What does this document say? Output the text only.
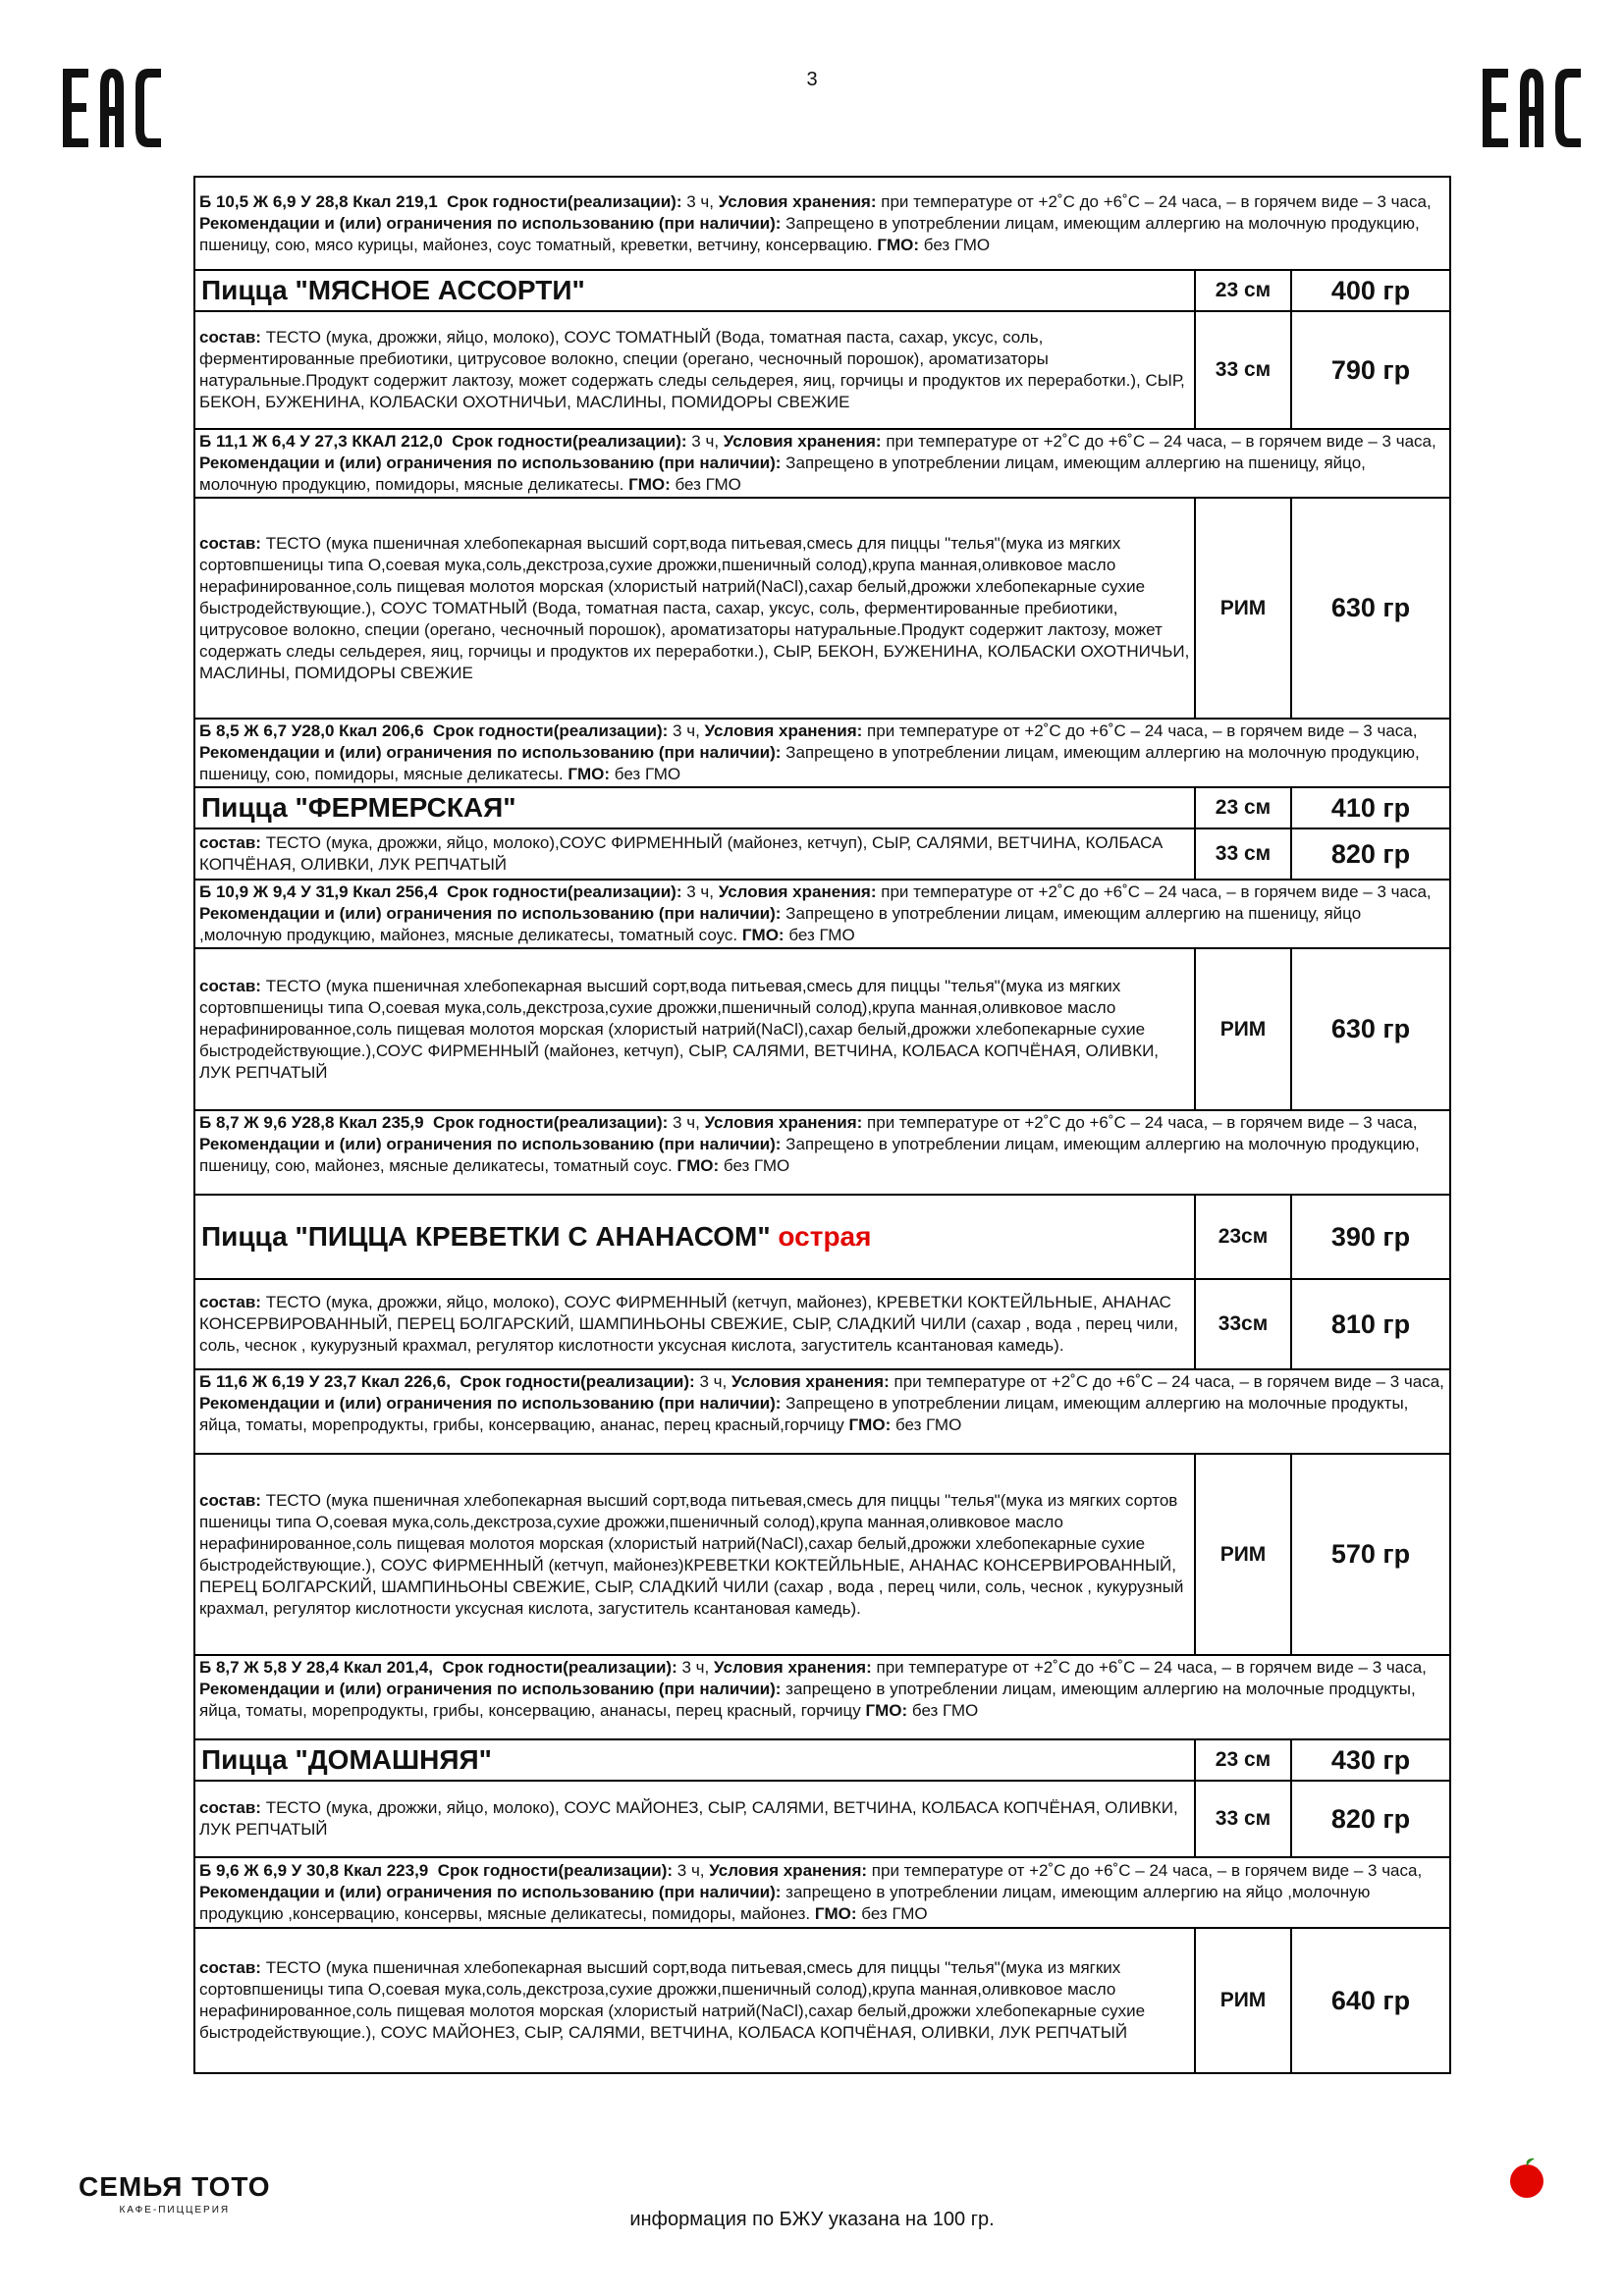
3
Б 10,5 Ж 6,9 У 28,8 Ккал 219,1 Срок годности(реализации): 3 ч, Условия хранения: при температуре от +2˚С до +6˚С – 24 часа, – в горячем виде – 3 часа, Рекомендации и (или) ограничения по использованию (при наличии): Запрещено в употреблении лицам, имеющим аллергию на молочную продукцию, пшеницу, сою, мясо курицы, майонез, соус томатный, креветки, ветчину, консервацию. ГМО: без ГМО		
Пицца "МЯСНОЕ АССОРТИ"	23 см	400 гр
состав: ТЕСТО (мука, дрожжи, яйцо, молоко), СОУС ТОМАТНЫЙ (Вода, томатная паста, сахар, уксус, соль, ферментированные пребиотики, цитрусовое волокно, специи (орегано, чесночный порошок), ароматизаторы натуральные.Продукт содержит лактозу, может содержать следы сельдерея, яиц, горчицы и продуктов их переработки.), СЫР, БЕКОН, БУЖЕНИНА, КОЛБАСКИ ОХОТНИЧЬИ, МАСЛИНЫ, ПОМИДОРЫ СВЕЖИЕ	33 см	790 гр
Б 11,1 Ж 6,4 У 27,3 ККАЛ 212,0 Срок годности(реализации): 3 ч, Условия хранения: при температуре от +2˚С до +6˚С – 24 часа, – в горячем виде – 3 часа, Рекомендации и (или) ограничения по использованию (при наличии): Запрещено в употреблении лицам, имеющим аллергию на пшеницу, яйцо, молочную продукцию, помидоры, мясные деликатесы. ГМО: без ГМО		
состав: ТЕСТО (мука пшеничная хлебопекарная высший сорт,вода питьевая,смесь для пиццы "телья"(мука из мягких сортовпшеницы типа О,соевая мука,соль,декстроза,сухие дрожжи,пшеничный солод),крупа манная,оливковое масло нерафинированное,соль пищевая молотоя морская (хлористый натрий(NaCl),сахар белый,дрожжи хлебопекарные сухие быстродействующие.), СОУС ТОМАТНЫЙ (Вода, томатная паста, сахар, уксус, соль, ферментированные пребиотики, цитрусовое волокно, специи (орегано, чесночный порошок), ароматизаторы натуральные.Продукт содержит лактозу, может содержать следы сельдерея, яиц, горчицы и продуктов их переработки.), СЫР, БЕКОН, БУЖЕНИНА, КОЛБАСКИ ОХОТНИЧЬИ, МАСЛИНЫ, ПОМИДОРЫ СВЕЖИЕ	РИМ	630 гр
Б 8,5 Ж 6,7 У28,0 Ккал 206,6 Срок годности(реализации): 3 ч, Условия хранения: при температуре от +2˚С до +6˚С – 24 часа, – в горячем виде – 3 часа, Рекомендации и (или) ограничения по использованию (при наличии): Запрещено в употреблении лицам, имеющим аллергию на молочную продукцию, пшеницу, сою, помидоры, мясные деликатесы. ГМО: без ГМО		
Пицца "ФЕРМЕРСКАЯ"	23 см	410 гр
состав: ТЕСТО (мука, дрожжи, яйцо, молоко),СОУС ФИРМЕННЫЙ (майонез, кетчуп), СЫР, САЛЯМИ, ВЕТЧИНА, КОЛБАСА КОПЧЁНАЯ, ОЛИВКИ, ЛУК РЕПЧАТЫЙ	33 см	820 гр
Б 10,9 Ж 9,4 У 31,9 Ккал 256,4 Срок годности(реализации): 3 ч, Условия хранения: при температуре от +2˚С до +6˚С – 24 часа, – в горячем виде – 3 часа, Рекомендации и (или) ограничения по использованию (при наличии): Запрещено в употреблении лицам, имеющим аллергию на пшеницу, яйцо ,молочную продукцию, майонез, мясные деликатесы, томатный соус. ГМО: без ГМО		
состав: ТЕСТО (мука пшеничная хлебопекарная высший сорт,вода питьевая,смесь для пиццы "телья"(мука из мягких сортовпшеницы типа О,соевая мука,соль,декстроза,сухие дрожжи,пшеничный солод),крупа манная,оливковое масло нерафинированное,соль пищевая молотоя морская (хлористый натрий(NaCl),сахар белый,дрожжи хлебопекарные сухие быстродействующие.),СОУС ФИРМЕННЫЙ (майонез, кетчуп), СЫР, САЛЯМИ, ВЕТЧИНА, КОЛБАСА КОПЧЁНАЯ, ОЛИВКИ, ЛУК РЕПЧАТЫЙ	РИМ	630 гр
Б 8,7 Ж 9,6 У28,8 Ккал 235,9 Срок годности(реализации): 3 ч, Условия хранения: при температуре от +2˚С до +6˚С – 24 часа, – в горячем виде – 3 часа, Рекомендации и (или) ограничения по использованию (при наличии): Запрещено в употреблении лицам, имеющим аллергию на молочную продукцию, пшеницу, сою, майонез, мясные деликатесы, томатный соус. ГМО: без ГМО		
Пицца "ПИЦЦА КРЕВЕТКИ С АНАНАСОМ" острая	23см	390 гр
состав: ТЕСТО (мука, дрожжи, яйцо, молоко), СОУС ФИРМЕННЫЙ (кетчуп, майонез), КРЕВЕТКИ КОКТЕЙЛЬНЫЕ, АНАНАС КОНСЕРВИРОВАННЫЙ, ПЕРЕЦ БОЛГАРСКИЙ, ШАМПИНЬОНЫ СВЕЖИЕ, СЫР, СЛАДКИЙ ЧИЛИ (сахар , вода , перец чили, соль, чеснок , кукурузный крахмал, регулятор кислотности уксусная кислота, загуститель ксантановая камедь).	33см	810 гр
Б 11,6 Ж 6,19 У 23,7 Ккал 226,6, Срок годности(реализации): 3 ч, Условия хранения: при температуре от +2˚С до +6˚С – 24 часа, – в горячем виде – 3 часа, Рекомендации и (или) ограничения по использованию (при наличии): Запрещено в употреблении лицам, имеющим аллергию на молочные продукты, яйца, томаты, морепродукты, грибы, консервацию, ананас, перец красный,горчицу ГМО: без ГМО		
состав: ТЕСТО (мука пшеничная хлебопекарная высший сорт,вода питьевая,смесь для пиццы "телья"(мука из мягких сортов пшеницы типа О,соевая мука,соль,декстроза,сухие дрожжи,пшеничный солод),крупа манная,оливковое масло нерафинированное,соль пищевая молотоя морская (хлористый натрий(NaCl),сахар белый,дрожжи хлебопекарные сухие быстродействующие.), СОУС ФИРМЕННЫЙ (кетчуп, майонез)КРЕВЕТКИ КОКТЕЙЛЬНЫЕ, АНАНАС КОНСЕРВИРОВАННЫЙ, ПЕРЕЦ БОЛГАРСКИЙ, ШАМПИНЬОНЫ СВЕЖИЕ, СЫР, СЛАДКИЙ ЧИЛИ (сахар , вода , перец чили, соль, чеснок , кукурузный крахмал, регулятор кислотности уксусная кислота, загуститель ксантановая камедь).	РИМ	570 гр
Б 8,7 Ж 5,8 У 28,4 Ккал 201,4, Срок годности(реализации): 3 ч, Условия хранения: при температуре от +2˚С до +6˚С – 24 часа, – в горячем виде – 3 часа, Рекомендации и (или) ограничения по использованию (при наличии): запрещено в употреблении лицам, имеющим аллергию на молочные продцукты, яйца, томаты, морепродукты, грибы, консервацию, ананасы, перец красный, горчицу ГМО: без ГМО		
Пицца "ДОМАШНЯЯ"	23 см	430 гр
состав: ТЕСТО (мука, дрожжи, яйцо, молоко), СОУС МАЙОНЕЗ, СЫР, САЛЯМИ, ВЕТЧИНА, КОЛБАСА КОПЧЁНАЯ, ОЛИВКИ, ЛУК РЕПЧАТЫЙ	33 см	820 гр
Б 9,6 Ж 6,9 У 30,8 Ккал 223,9 Срок годности(реализации): 3 ч, Условия хранения: при температуре от +2˚С до +6˚С – 24 часа, – в горячем виде – 3 часа, Рекомендации и (или) ограничения по использованию (при наличии): запрещено в употреблении лицам, имеющим аллергию на яйцо ,молочную продукцию ,консервацию, консервы, мясные деликатесы, помидоры, майонез. ГМО: без ГМО		
состав: ТЕСТО (мука пшеничная хлебопекарная высший сорт,вода питьевая,смесь для пиццы "телья"(мука из мягких сортовпшеницы типа О,соевая мука,соль,декстроза,сухие дрожжи,пшеничный солод),крупа манная,оливковое масло нерафинированное,соль пищевая молотоя морская (хлористый натрий(NaCl),сахар белый,дрожжи хлебопекарные сухие быстродействующие.), СОУС МАЙОНЕЗ, СЫР, САЛЯМИ, ВЕТЧИНА, КОЛБАСА КОПЧЁНАЯ, ОЛИВКИ, ЛУК РЕПЧАТЫЙ	РИМ	640 гр
СЕМЬЯ ТОТО
КАФЕ-ПИЦЦЕРИЯ	информация по БЖУ указана на 100 гр.
